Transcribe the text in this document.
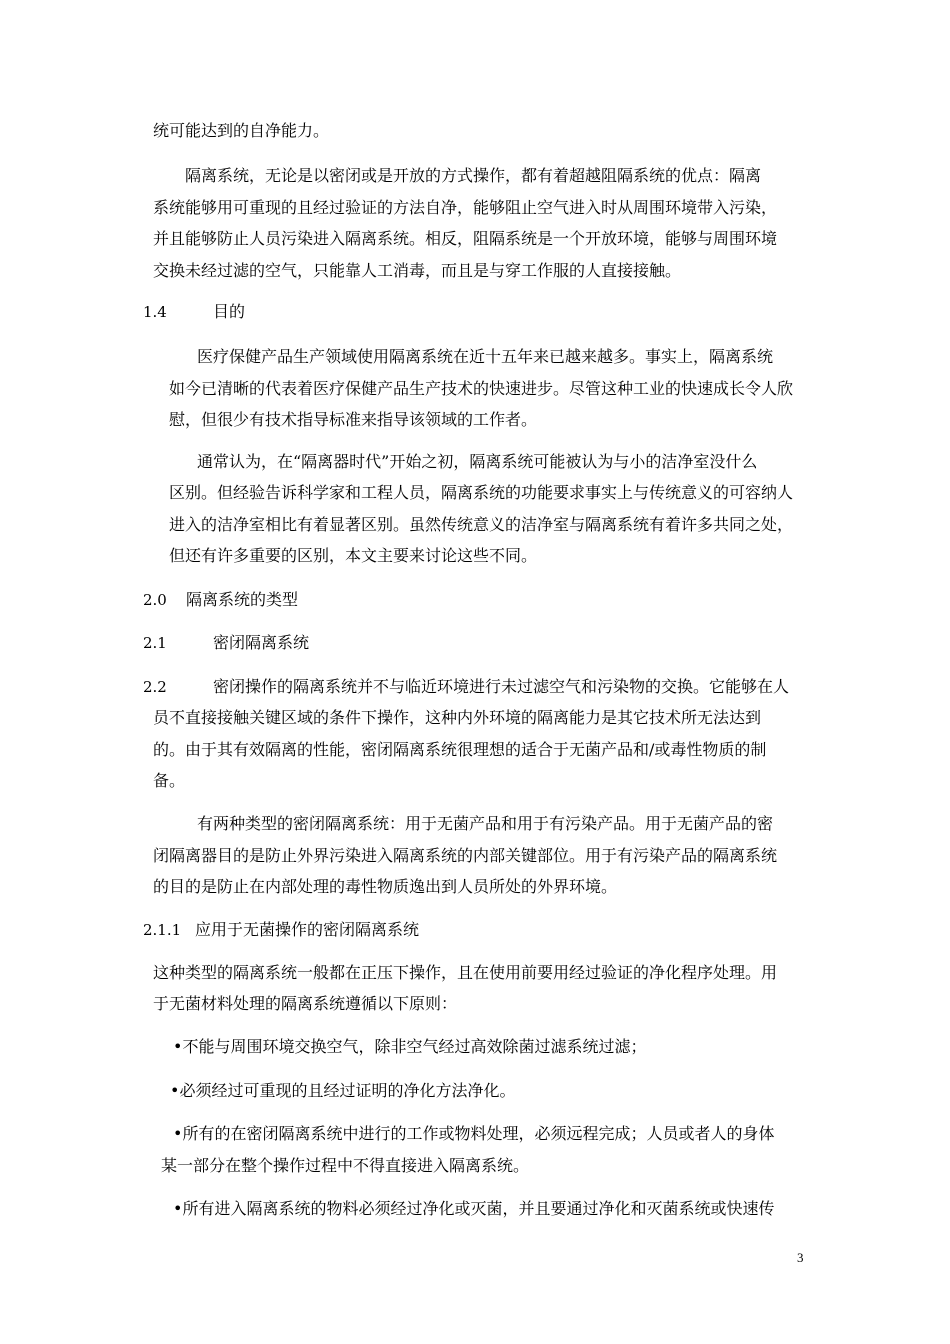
统可能达到的自净能力。
隔离系统，无论是以密闭或是开放的方式操作，都有着超越阻隔系统的优点：隔离
系统能够用可重现的且经过验证的方法自净，能够阻止空气进入时从周围环境带入污染，
并且能够防止人员污染进入隔离系统。相反，阻隔系统是一个开放环境，能够与周围环境
交换未经过滤的空气，只能靠人工消毒，而且是与穿工作服的人直接接触。
1.4	目的
医疗保健产品生产领域使用隔离系统在近十五年来已越来越多。事实上，隔离系统
如今已清晰的代表着医疗保健产品生产技术的快速进步。尽管这种工业的快速成长令人欣
慰，但很少有技术指导标准来指导该领域的工作者。
通常认为，在“隔离器时代”开始之初，隔离系统可能被认为与小的洁净室没什么
区别。但经验告诉科学家和工程人员，隔离系统的功能要求事实上与传统意义的可容纳人
进入的洁净室相比有着显著区别。虽然传统意义的洁净室与隔离系统有着许多共同之处，
但还有许多重要的区别，本文主要来讨论这些不同。
2.0 隔离系统的类型
2.1	密闭隔离系统
2.2	密闭操作的隔离系统并不与临近环境进行未过滤空气和污染物的交换。它能够在人
员不直接接触关键区域的条件下操作，这种内外环境的隔离能力是其它技术所无法达到
的。由于其有效隔离的性能，密闭隔离系统很理想的适合于无菌产品和/或毒性物质的制
备。
有两种类型的密闭隔离系统：用于无菌产品和用于有污染产品。用于无菌产品的密
闭隔离器目的是防止外界污染进入隔离系统的内部关键部位。用于有污染产品的隔离系统
的目的是防止在内部处理的毒性物质逸出到人员所处的外界环境。
2.1.1 应用于无菌操作的密闭隔离系统
这种类型的隔离系统一般都在正压下操作，且在使用前要用经过验证的净化程序处理。用
于无菌材料处理的隔离系统遵循以下原则：
•不能与周围环境交换空气，除非空气经过高效除菌过滤系统过滤；
•必须经过可重现的且经过证明的净化方法净化。
•所有的在密闭隔离系统中进行的工作或物料处理，必须远程完成；人员或者人的身体
某一部分在整个操作过程中不得直接进入隔离系统。
•所有进入隔离系统的物料必须经过净化或灭菌，并且要通过净化和灭菌系统或快速传
3
